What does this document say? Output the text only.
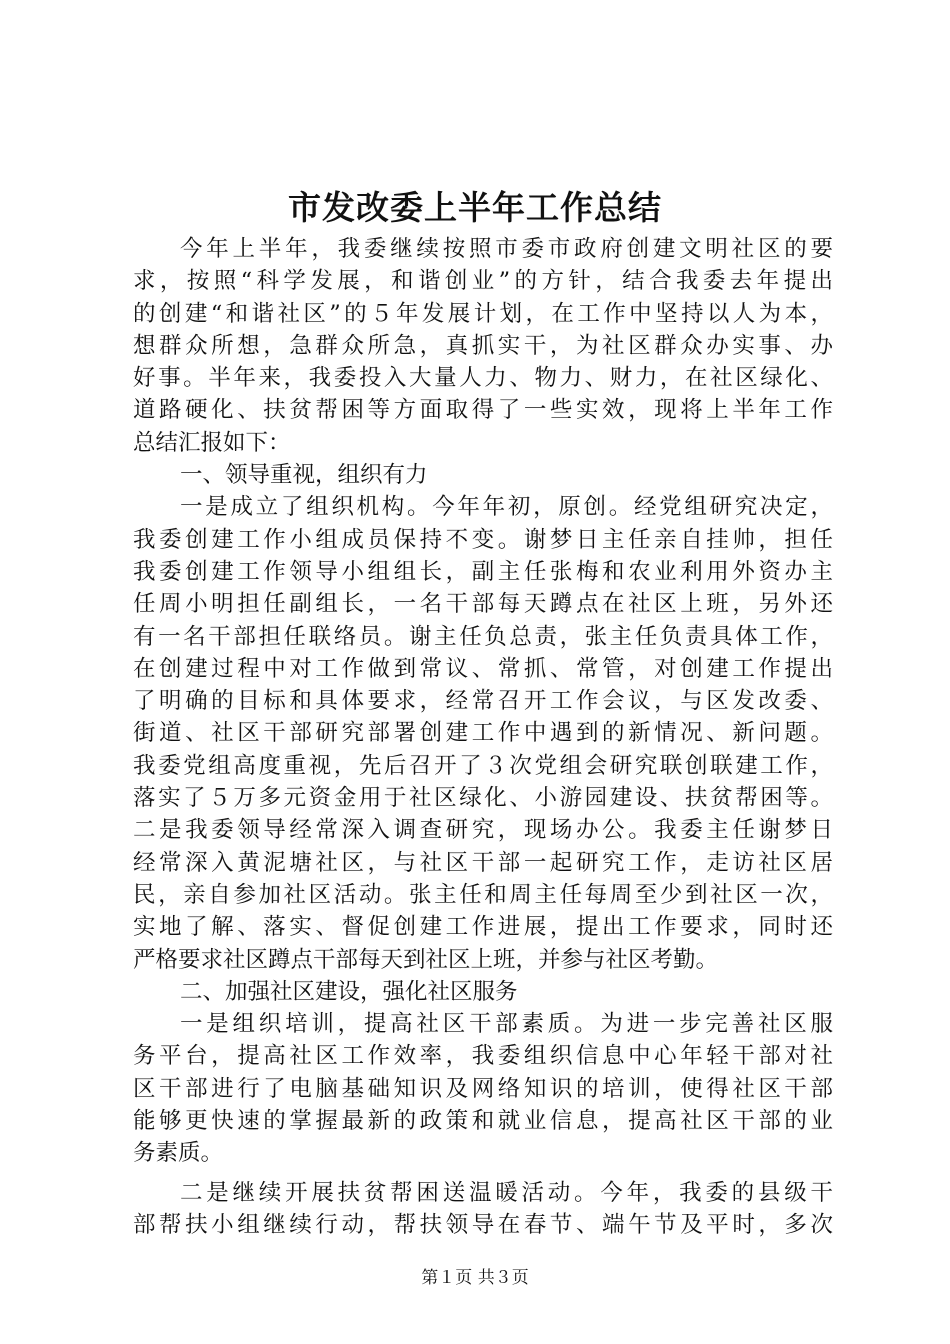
市发改委上半年工作总结
今年上半年，我委继续按照市委市政府创建文明社区的要
求，按照“科学发展，和谐创业”的方针，结合我委去年提出
的创建“和谐社区”的５年发展计划，在工作中坚持以人为本，
想群众所想，急群众所急，真抓实干，为社区群众办实事、办
好事。半年来，我委投入大量人力、物力、财力，在社区绿化、
道路硬化、扶贫帮困等方面取得了一些实效，现将上半年工作
总结汇报如下：
一、领导重视，组织有力
一是成立了组织机构。今年年初，原创。经党组研究决定，
我委创建工作小组成员保持不变。谢梦日主任亲自挂帅，担任
我委创建工作领导小组组长，副主任张梅和农业利用外资办主
任周小明担任副组长，一名干部每天蹲点在社区上班，另外还
有一名干部担任联络员。谢主任负总责，张主任负责具体工作，
在创建过程中对工作做到常议、常抓、常管，对创建工作提出
了明确的目标和具体要求，经常召开工作会议，与区发改委、
街道、社区干部研究部署创建工作中遇到的新情况、新问题。
我委党组高度重视，先后召开了３次党组会研究联创联建工作，
落实了５万多元资金用于社区绿化、小游园建设、扶贫帮困等。
二是我委领导经常深入调查研究，现场办公。我委主任谢梦日
经常深入黄泥塘社区，与社区干部一起研究工作，走访社区居
民，亲自参加社区活动。张主任和周主任每周至少到社区一次，
实地了解、落实、督促创建工作进展，提出工作要求，同时还
严格要求社区蹲点干部每天到社区上班，并参与社区考勤。
二、加强社区建设，强化社区服务
一是组织培训，提高社区干部素质。为进一步完善社区服
务平台，提高社区工作效率，我委组织信息中心年轻干部对社
区干部进行了电脑基础知识及网络知识的培训，使得社区干部
能够更快速的掌握最新的政策和就业信息，提高社区干部的业
务素质。
二是继续开展扶贫帮困送温暖活动。今年，我委的县级干
部帮扶小组继续行动，帮扶领导在春节、端午节及平时，多次
第１页 共３页
